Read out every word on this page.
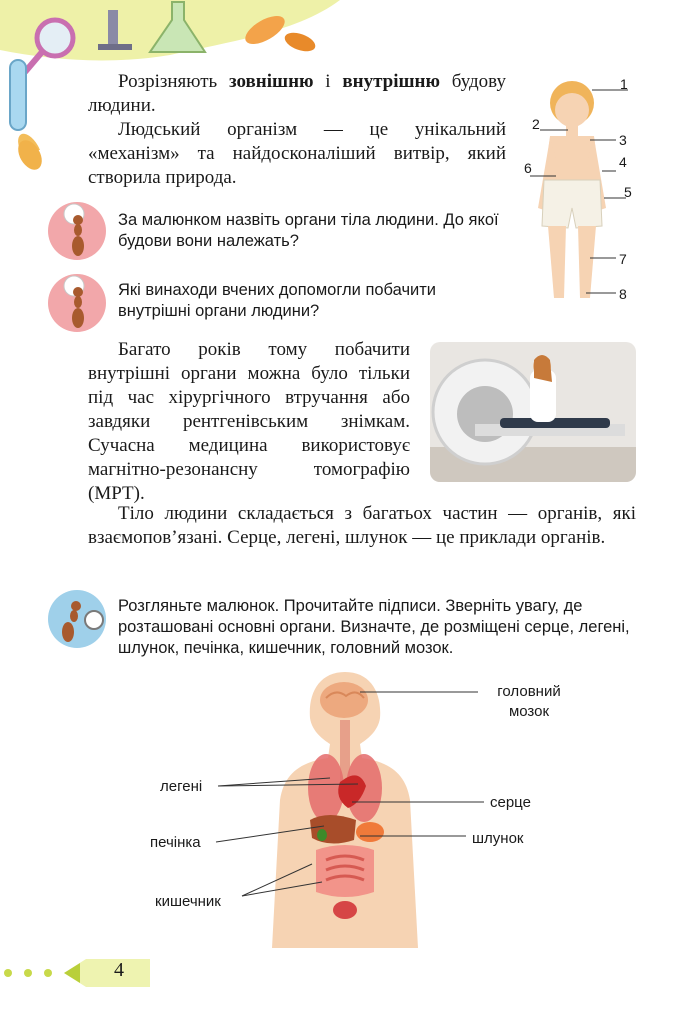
Розрізняють зовнішню і внутрішню будову людини.
Людський організм — це унікальний «механізм» та найдосконаліший витвір, який створила природа.
1
2
3
4
5
6
7
8
За малюнком назвіть органи тіла людини. До якої будови вони належать?
Які винаходи вчених допомогли побачити внутрішні органи людини?
Багато років тому побачити внутрішні органи можна було тільки під час хірургічного втручання або завдяки рентгенівським знімкам. Сучасна медицина використовує магнітно-резонансну томографію (МРТ).
Тіло людини складається з багатьох частин — органів, які взаємопов’язані. Серце, легені, шлунок — це приклади органів.
Розгляньте малюнок. Прочитайте підписи. Зверніть увагу, де розташовані основні органи. Визначте, де розміщені серце, легені, шлунок, печінка, кишечник, головний мозок.
головний мозок
легені
серце
печінка	шлунок
кишечник
4
